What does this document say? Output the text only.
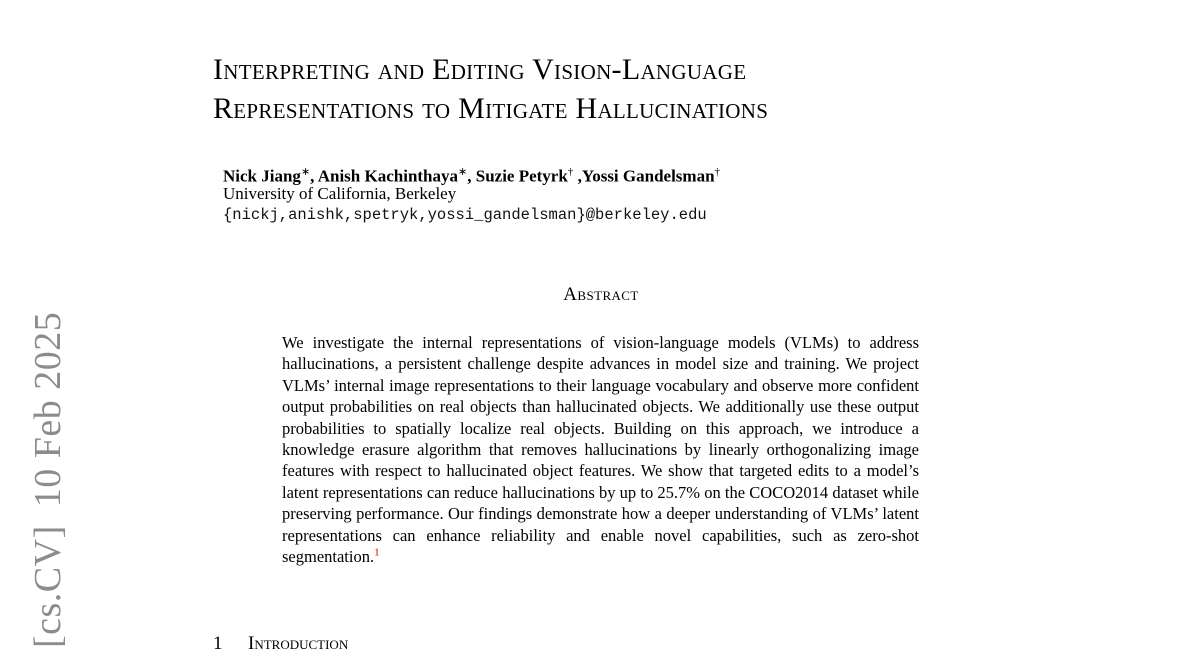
[cs.CV]10 Feb 2025
Interpreting and Editing Vision-Language
Representations to Mitigate Hallucinations
Nick Jiang∗, Anish Kachinthaya∗, Suzie Petyrk† ,Yossi Gandelsman†
University of California, Berkeley
{nickj,anishk,spetryk,yossi_gandelsman}@berkeley.edu
Abstract
We investigate the internal representations of vision-language models (VLMs) to address hallucinations, a persistent challenge despite advances in model size and training. We project VLMs’ internal image representations to their language vocabulary and observe more confident output probabilities on real objects than hallucinated objects. We additionally use these output probabilities to spatially localize real objects. Building on this approach, we introduce a knowledge erasure algorithm that removes hallucinations by linearly orthogonalizing image features with respect to hallucinated object features. We show that targeted edits to a model’s latent representations can reduce hallucinations by up to 25.7% on the COCO2014 dataset while preserving performance. Our findings demonstrate how a deeper understanding of VLMs’ latent representations can enhance reliability and enable novel capabilities, such as zero-shot segmentation.$^1$
1 Introduction
